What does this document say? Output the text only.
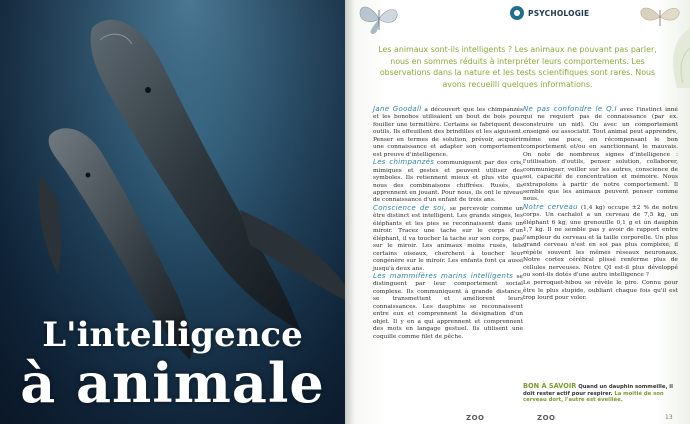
L'intelligence
à animale
PSYCHOLOGIE
Les animaux sont-ils intelligents ? Les animaux ne pouvant pas parler, nous en sommes réduits à interpréter leurs comportements. Les observations dans la nature et les tests scientifiques sont rares. Nous avons recueilli quelques informations.

Jane Goodall a découvert que les chimpanzés et les bonobos utilisaient un bout de bois pour fouiller une termitière. Certains se fabriquent des outils. Ils effeuillent des brindilles et les aiguisent. Penser en termes de solution, prévoir, acquérir une connaissance et adapter son comportement est preuve d'intelligence.

Les chimpanzés communiquent par des cris, mimiques et gestes et peuvent utiliser des symboles. Ils retiennent mieux et plus vite que nous des combinaisons chiffrées. Rusés, ils apprennent en jouant. Pour nous, ils ont le niveau de connaissance d'un enfant de trois ans.

Conscience de soi, se percevoir comme un être distinct est intelligent. Les grands singes, les éléphants et les pies se reconnaissent dans un miroir. Tracez une tache sur le corps d'un éléphant, il va toucher la tache sur son corps, pas sur le miroir. Les animaux moins rusés, tels certains oiseaux, cherchent à toucher leur congénère sur le miroir. Les enfants font ça aussi jusqu'à deux ans.

Les mammifères marins intelligents se distinguent par leur comportement social complexe. Ils communiquent à grande distance, se transmettent et améliorent leurs connaissances. Les dauphins se reconnaissent entre eux et comprennent la désignation d'un objet. Il y en a qui apprennent et comprennent des mots en langage gestuel. Ils utilisent une coquille comme filet de pêche.

Ne pas confondre le Q.I avec l'instinct inné qui ne requiert pas de connaissance (par ex. construire un nid). Ou avec un comportement enseigné ou associatif. Tout animal peut apprendre, même une puce, en récompensant le bon comportement et/ou en sanctionnant le mauvais. On note de nombreux signes d'intelligence : l'utilisation d'outils, penser solution, collaborer, communiquer, veiller sur les autres, conscience de soi, capacité de concentration et mémoire. Nous extrapolons à partir de notre comportement. Il semble que les animaux peuvent penser comme nous.

Notre cerveau (1,4 kg) occupe ±2 % de notre corps. Un cachalot a un cerveau de 7,5 kg, un éléphant 6 kg, une grenouille 0,1 g et un dauphin 1,7 kg. Il ne semble pas y avoir de rapport entre l'ampleur du cerveau et la taille corporelle. Un plus grand cerveau n'est en soi pas plus complexe, il répète souvent les mêmes réseaux neuronaux. Notre cortex cérébral plissé renferme plus de cellules nerveuses. Notre QI est-il plus développé ou sont-ils dotés d'une autre intelligence ?

Le perroquet-hibou se révèle le pire. Connu pour être le plus stupide, oubliant chaque fois qu'il est trop lourd pour voler.

BON À SAVOIR Quand un dauphin sommeille, il doit rester actif pour respirer. La moitié de son cerveau dort, l'autre est éveillée.
ZOO	ZOO	13
